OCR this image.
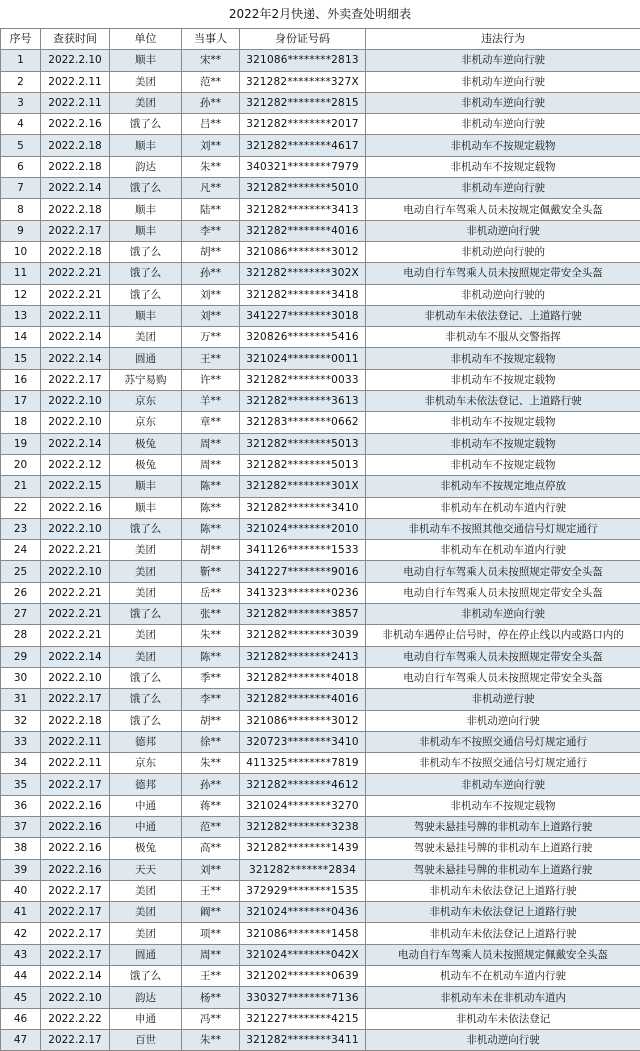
2022年2月快递、外卖查处明细表
序号	查获时间	单位	当事人	身份证号码	违法行为
1	2022.2.10	顺丰	宋**	321086********2813	非机动车逆向行驶
2	2022.2.11	美团	范**	321282********327X	非机动车逆向行驶
3	2022.2.11	美团	孙**	321282********2815	非机动车逆向行驶
4	2022.2.16	饿了么	吕**	321282********2017	非机动车逆向行驶
5	2022.2.18	顺丰	刘**	321282********4617	非机动车不按规定载物
6	2022.2.18	韵达	朱**	340321********7979	非机动车不按规定载物
7	2022.2.14	饿了么	凡**	321282********5010	非机动车逆向行驶
8	2022.2.18	顺丰	陆**	321282********3413	电动自行车驾乘人员未按规定佩戴安全头盔
9	2022.2.17	顺丰	李**	321282********4016	非机动逆向行驶
10	2022.2.18	饿了么	胡**	321086********3012	非机动逆向行驶的
11	2022.2.21	饿了么	孙**	321282********302X	电动自行车驾乘人员未按照规定带安全头盔
12	2022.2.21	饿了么	刘**	321282********3418	非机动逆向行驶的
13	2022.2.11	顺丰	刘**	341227********3018	非机动车未依法登记、上道路行驶
14	2022.2.14	美团	万**	320826********5416	非机动车不服从交警指挥
15	2022.2.14	圆通	王**	321024********0011	非机动车不按规定载物
16	2022.2.17	苏宁易购	许**	321282********0033	非机动车不按规定载物
17	2022.2.10	京东	羊**	321282********3613	非机动车未依法登记、上道路行驶
18	2022.2.10	京东	章**	321283********0662	非机动车不按规定载物
19	2022.2.14	极兔	周**	321282********5013	非机动车不按规定载物
20	2022.2.12	极兔	周**	321282********5013	非机动车不按规定载物
21	2022.2.15	顺丰	陈**	321282********301X	非机动车不按规定地点停放
22	2022.2.16	顺丰	陈**	321282********3410	非机动车在机动车道内行驶
23	2022.2.10	饿了么	陈**	321024********2010	非机动车不按照其他交通信号灯规定通行
24	2022.2.21	美团	胡**	341126********1533	非机动车在机动车道内行驶
25	2022.2.10	美团	靳**	341227********9016	电动自行车驾乘人员未按照规定带安全头盔
26	2022.2.21	美团	岳**	341323********0236	电动自行车驾乘人员未按照规定带安全头盔
27	2022.2.21	饿了么	张**	321282********3857	非机动车逆向行驶
28	2022.2.21	美团	朱**	321282********3039	非机动车遇停止信号时，停在停止线以内或路口内的
29	2022.2.14	美团	陈**	321282********2413	电动自行车驾乘人员未按照规定带安全头盔
30	2022.2.10	饿了么	季**	321282********4018	电动自行车驾乘人员未按照规定带安全头盔
31	2022.2.17	饿了么	李**	321282********4016	非机动逆行驶
32	2022.2.18	饿了么	胡**	321086********3012	非机动逆向行驶
33	2022.2.11	德邦	徐**	320723********3410	非机动车不按照交通信号灯规定通行
34	2022.2.11	京东	朱**	411325********7819	非机动车不按照交通信号灯规定通行
35	2022.2.17	德邦	孙**	321282********4612	非机动车逆向行驶
36	2022.2.16	中通	蒋**	321024********3270	非机动车不按规定载物
37	2022.2.16	中通	范**	321282********3238	驾驶未悬挂号牌的非机动车上道路行驶
38	2022.2.16	极兔	高**	321282********1439	驾驶未悬挂号牌的非机动车上道路行驶
39	2022.2.16	天天	刘**	321282*******2834	驾驶未悬挂号牌的非机动车上道路行驶
40	2022.2.17	美团	王**	372929********1535	非机动车未依法登记上道路行驶
41	2022.2.17	美团	阚**	321024********0436	非机动车未依法登记上道路行驶
42	2022.2.17	美团	项**	321086********1458	非机动车未依法登记上道路行驶
43	2022.2.17	圆通	周**	321024********042X	电动自行车驾乘人员未按照规定佩戴安全头盔
44	2022.2.14	饿了么	王**	321202********0639	机动车不在机动车道内行驶
45	2022.2.10	韵达	杨**	330327********7136	非机动车未在非机动车道内
46	2022.2.22	申通	冯**	321227********4215	非机动车未依法登记
47	2022.2.17	百世	朱**	321282********3411	非机动逆向行驶
